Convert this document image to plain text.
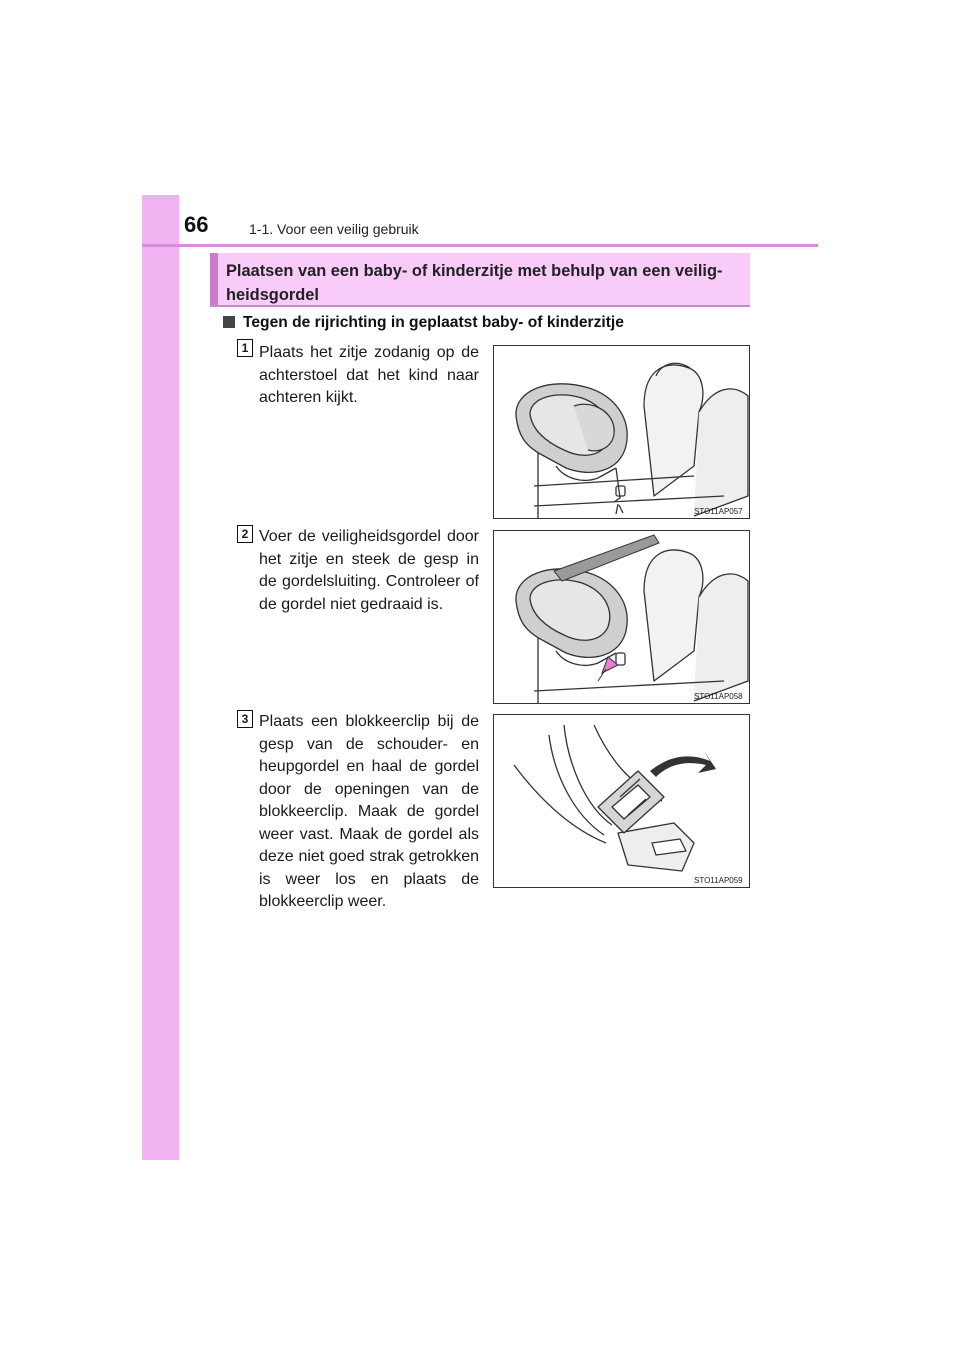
66	1-1. Voor een veilig gebruik
Plaatsen van een baby- of kinderzitje met behulp van een veilig-
heidsgordel
Tegen de rijrichting in geplaatst baby- of kinderzitje
1 Plaats het zitje zodanig op de achterstoel dat het kind naar achteren kijkt.
STO11AP057
2 Voer de veiligheidsgordel door het zitje en steek de gesp in de gordelsluiting. Controleer of de gordel niet gedraaid is.
STO11AP058
3 Plaats een blokkeerclip bij de gesp van de schouder- en heupgordel en haal de gordel door de openingen van de blokkeerclip. Maak de gordel weer vast. Maak de gordel als deze niet goed strak getrokken is weer los en plaats de blokkeerclip weer.
STO11AP059
